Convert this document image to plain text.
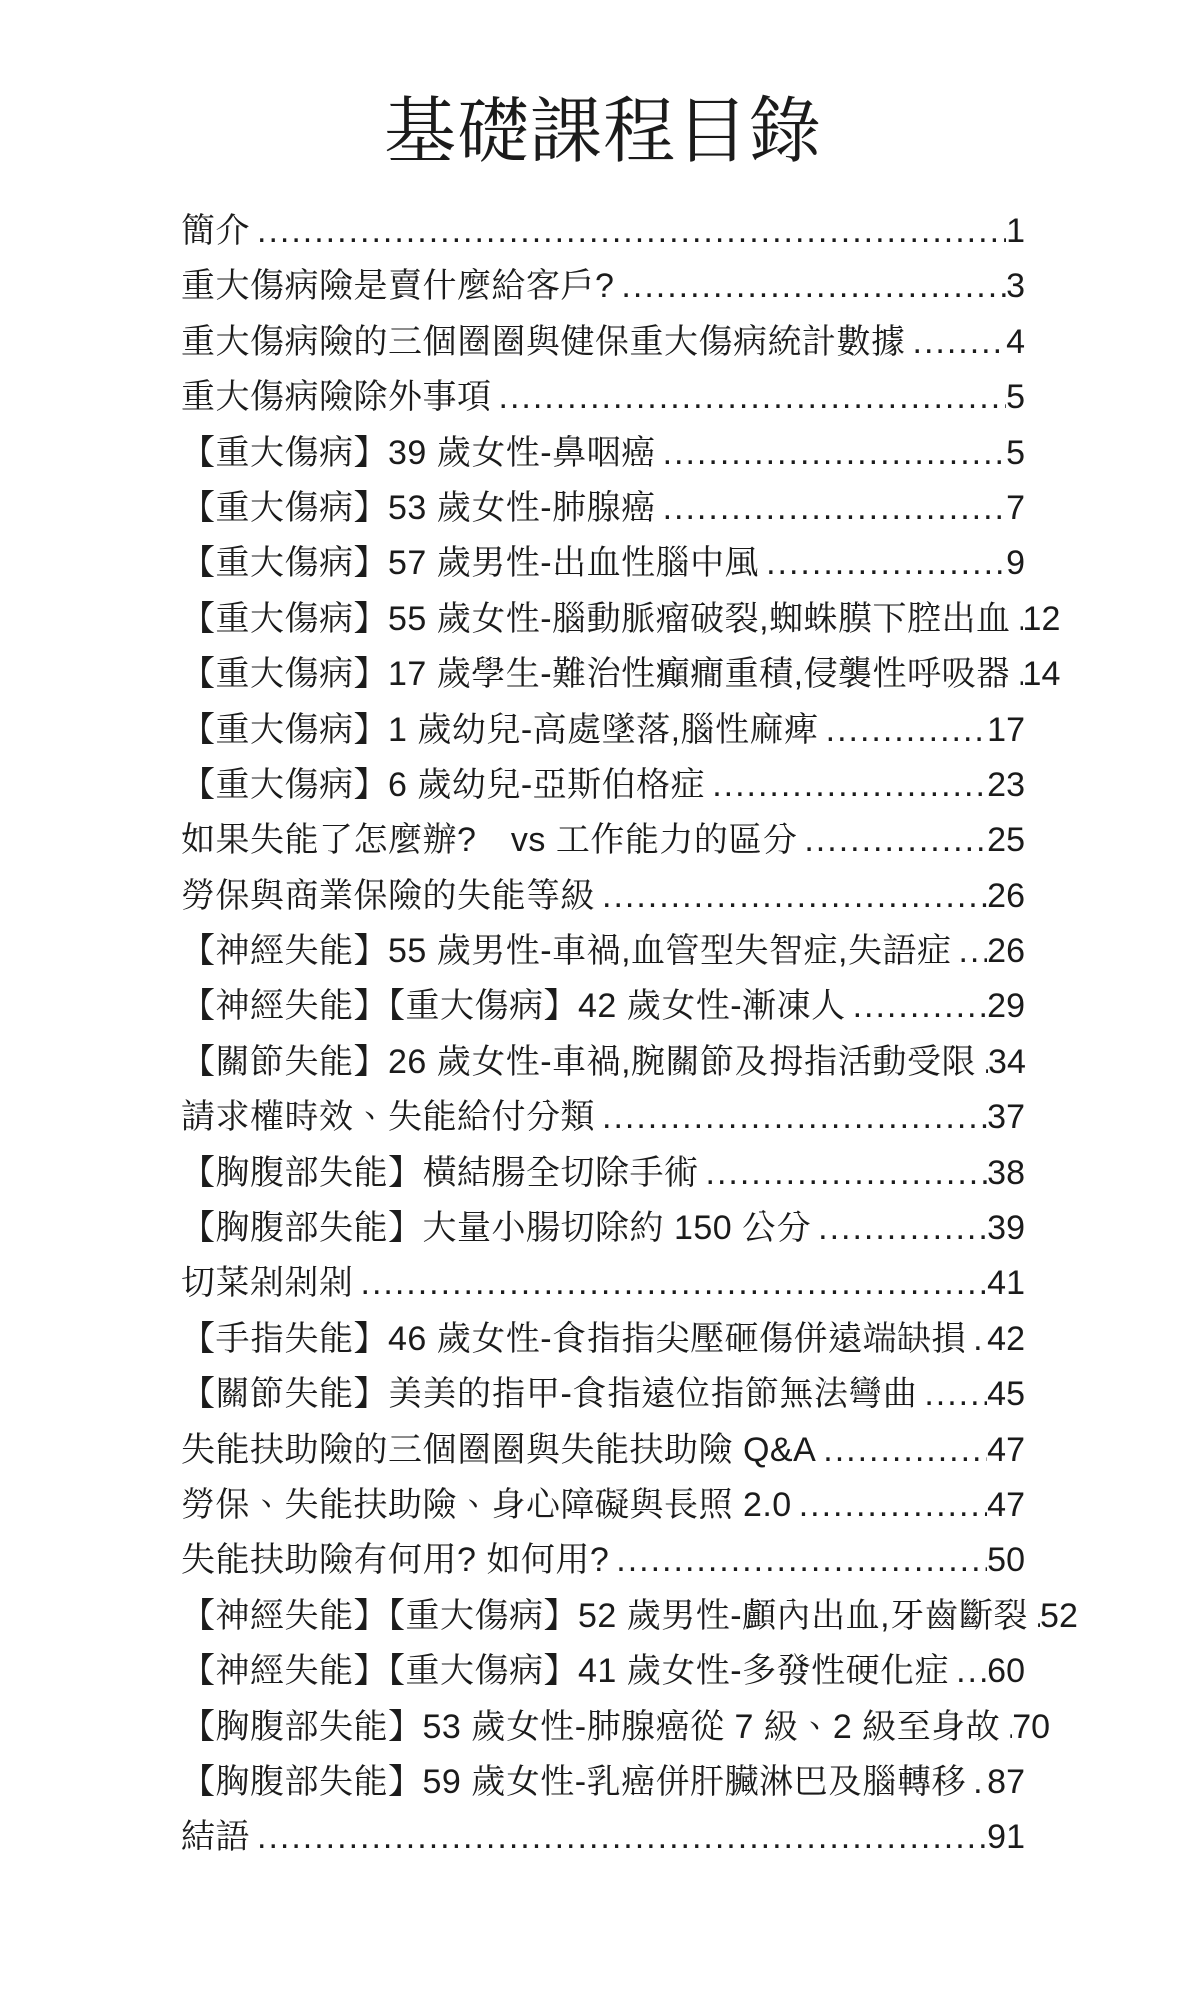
基礎課程目錄
簡介 .....	1
重大傷病險是賣什麼給客戶? .....	3
重大傷病險的三個圈圈與健保重大傷病統計數據 .....	4
重大傷病險除外事項 .....	5
【重大傷病】39 歲女性-鼻咽癌 .....	5
【重大傷病】53 歲女性-肺腺癌 .....	7
【重大傷病】57 歲男性-出血性腦中風 .....	9
【重大傷病】55 歲女性-腦動脈瘤破裂,蜘蛛膜下腔出血 ..... 12
【重大傷病】17 歲學生-難治性癲癇重積,侵襲性呼吸器 ..... 14
【重大傷病】1 歲幼兒-高處墜落,腦性麻痺 .....	17
【重大傷病】6 歲幼兒-亞斯伯格症 .....	23
如果失能了怎麼辦?　vs 工作能力的區分 .....	25
勞保與商業保險的失能等級 .....	26
【神經失能】55 歲男性-車禍,血管型失智症,失語症 ..... 26
【神經失能】【重大傷病】42 歲女性-漸凍人 .....	29
【關節失能】26 歲女性-車禍,腕關節及拇指活動受限 ..... 34
請求權時效、失能給付分類 .....	37
【胸腹部失能】橫結腸全切除手術 .....	38
【胸腹部失能】大量小腸切除約 150 公分 .....	39
切菜剁剁剁 .....	41
【手指失能】46 歲女性-食指指尖壓砸傷併遠端缺損 ..... 42
【關節失能】美美的指甲-食指遠位指節無法彎曲 ..... 45
失能扶助險的三個圈圈與失能扶助險 Q&A .....	47
勞保、失能扶助險、身心障礙與長照 2.0 .....	47
失能扶助險有何用? 如何用? .....	50
【神經失能】【重大傷病】52 歲男性-顱內出血,牙齒斷裂 ..... 52
【神經失能】【重大傷病】41 歲女性-多發性硬化症 ..... 60
【胸腹部失能】53 歲女性-肺腺癌從 7 級、2 級至身故 ..... 70
【胸腹部失能】59 歲女性-乳癌併肝臟淋巴及腦轉移 ..... 87
結語 .....	91
